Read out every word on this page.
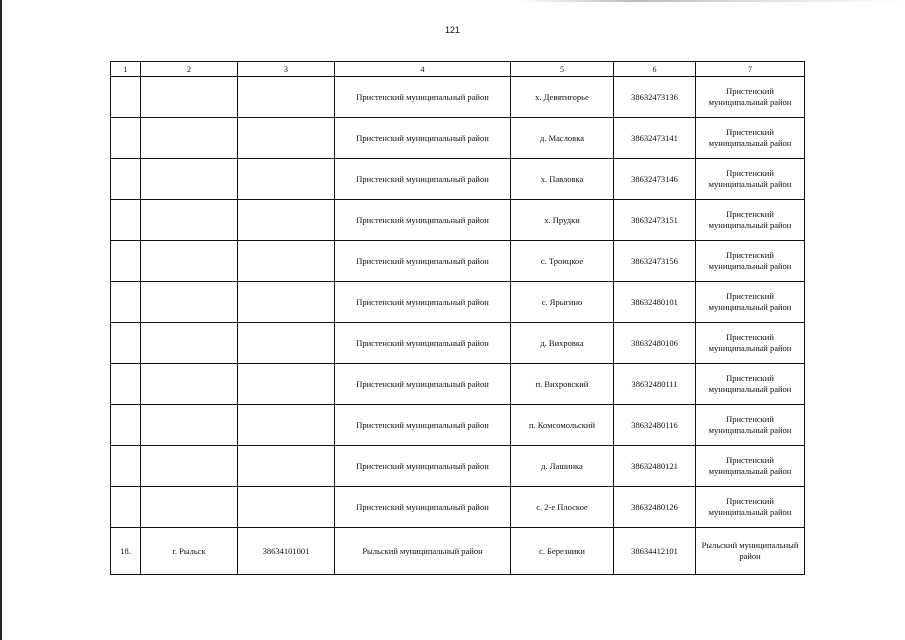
121
1	2	3	4	5	6	7
			Пристенский муниципальный район	х. Девятигорье	38632473136	Пристенский муниципальный район
			Пристенский муниципальный район	д. Масловка	38632473141	Пристенский муниципальный район
			Пристенский муниципальный район	х. Павловка	38632473146	Пристенский муниципальный район
			Пристенский муниципальный район	х. Прудки	38632473151	Пристенский муниципальный район
			Пристенский муниципальный район	с. Троицкое	38632473156	Пристенский муниципальный район
			Пристенский муниципальный район	с. Ярыгино	38632480101	Пристенский муниципальный район
			Пристенский муниципальный район	д. Вихровка	38632480106	Пристенский муниципальный район
			Пристенский муниципальный район	п. Вихровский	38632480111	Пристенский муниципальный район
			Пристенский муниципальный район	п. Комсомольский	38632480116	Пристенский муниципальный район
			Пристенский муниципальный район	д. Лашинка	38632480121	Пристенский муниципальный район
			Пристенский муниципальный район	с. 2-е Плоское	38632480126	Пристенский муниципальный район
18.	г. Рыльск	38634101001	Рыльский муниципальный район	с. Березники	38634412101	Рыльский муниципальный район
